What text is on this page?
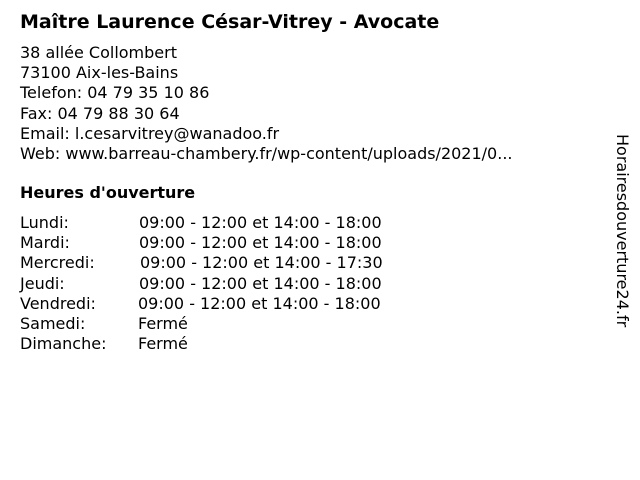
Maître Laurence César-Vitrey - Avocate
38 allée Collombert
73100 Aix-les-Bains
Telefon: 04 79 35 10 86
Fax: 04 79 88 30 64
Email: l.cesarvitrey@wanadoo.fr
Web: www.barreau-chambery.fr/wp-content/uploads/2021/0...
Heures d'ouverture
Lundi:	09:00 - 12:00 et 14:00 - 18:00
Mardi:	09:00 - 12:00 et 14:00 - 18:00
Mercredi:	09:00 - 12:00 et 14:00 - 17:30
Jeudi:	09:00 - 12:00 et 14:00 - 18:00
Vendredi:	09:00 - 12:00 et 14:00 - 18:00
Samedi:	Fermé
Dimanche: Fermé
Horairesdouverture24.fr
